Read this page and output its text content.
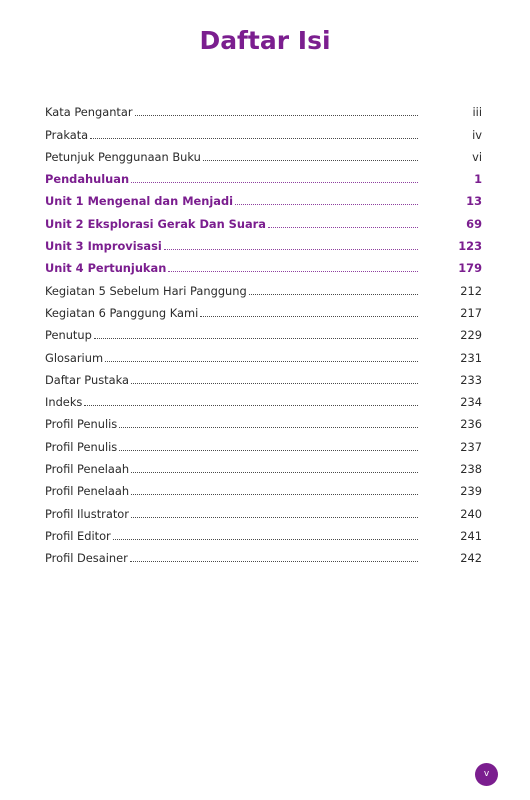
Daftar Isi
Kata Pengantar	iii
Prakata	iv
Petunjuk Penggunaan Buku	vi
Pendahuluan	1
Unit 1 Mengenal dan Menjadi	13
Unit 2 Eksplorasi Gerak Dan Suara	69
Unit 3 Improvisasi	123
Unit 4 Pertunjukan	179
Kegiatan 5 Sebelum Hari Panggung	212
Kegiatan 6 Panggung Kami	217
Penutup	229
Glosarium	231
Daftar Pustaka	233
Indeks	234
Profil Penulis	236
Profil Penulis	237
Profil Penelaah	238
Profil Penelaah	239
Profil Ilustrator	240
Profil Editor	241
Profil Desainer	242
v
